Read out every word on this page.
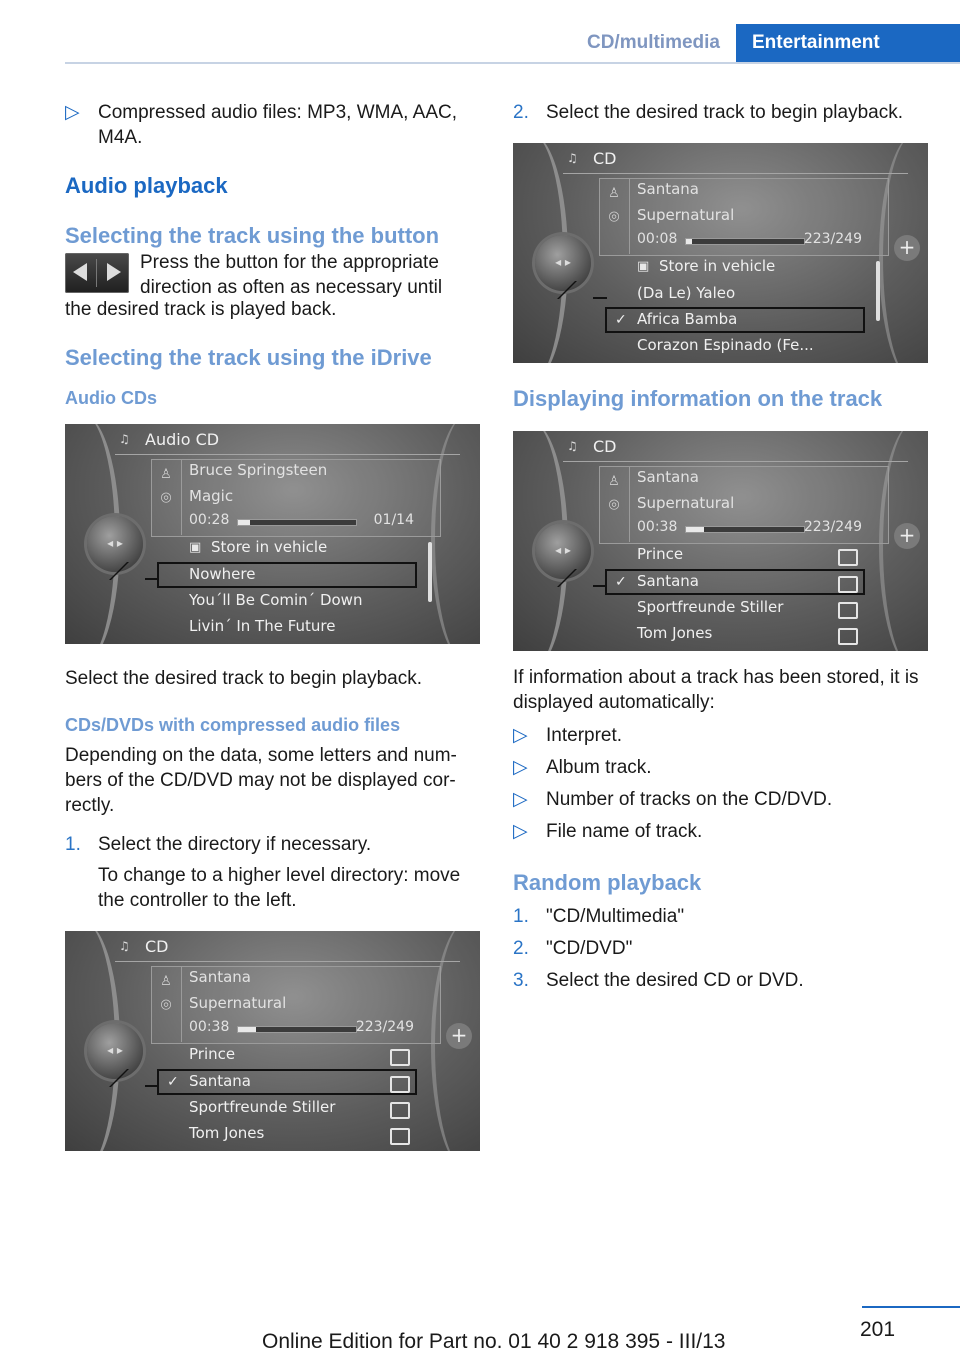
CD/multimedia	Entertainment
▷ Compressed audio files: MP3, WMA, AAC, M4A.
Audio playback
Selecting the track using the button

Press the button for the appropriate direction as often as necessary until

the desired track is played back.

Selecting the track using the iDrive
Audio CDs
♫ Audio CD
♙
◎
Bruce Springsteen
Magic
00:28	01/14
◂ ▸	▣ Store in vehicle
Nowhere
You´ll Be Comin´ Down
Livin´ In The Future

Select the desired track to begin playback.

CDs/DVDs with compressed audio files

Depending on the data, some letters and numbers of the CD/DVD may not be displayed correctly.

1. Select the directory if necessary.

To change to a higher level directory: move the controller to the left.

♫ CD
♙
◎
Santana
Supernatural
00:38	223/249
◂ ▸	Prince
✓ Santana
Sportfreunde Stiller
Tom Jones
+
2. Select the desired track to begin playback.
♫ CD
♙
◎
Santana
Supernatural
00:08	223/249
◂ ▸	▣ Store in vehicle
(Da Le) Yaleo
✓ Africa Bamba
Corazon Espinado (Fe...
+
Displaying information on the track
♫ CD
♙
◎
Santana
Supernatural
00:38	223/249
◂ ▸	Prince
✓ Santana
Sportfreunde Stiller
Tom Jones
+

If information about a track has been stored, it is displayed automatically:

▷ Interpret.
▷ Album track.
▷ Number of tracks on the CD/DVD.
▷ File name of track.
Random playback
1. "CD/Multimedia"
2. "CD/DVD"
3. Select the desired CD or DVD.
201
Online Edition for Part no. 01 40 2 918 395 - III/13
